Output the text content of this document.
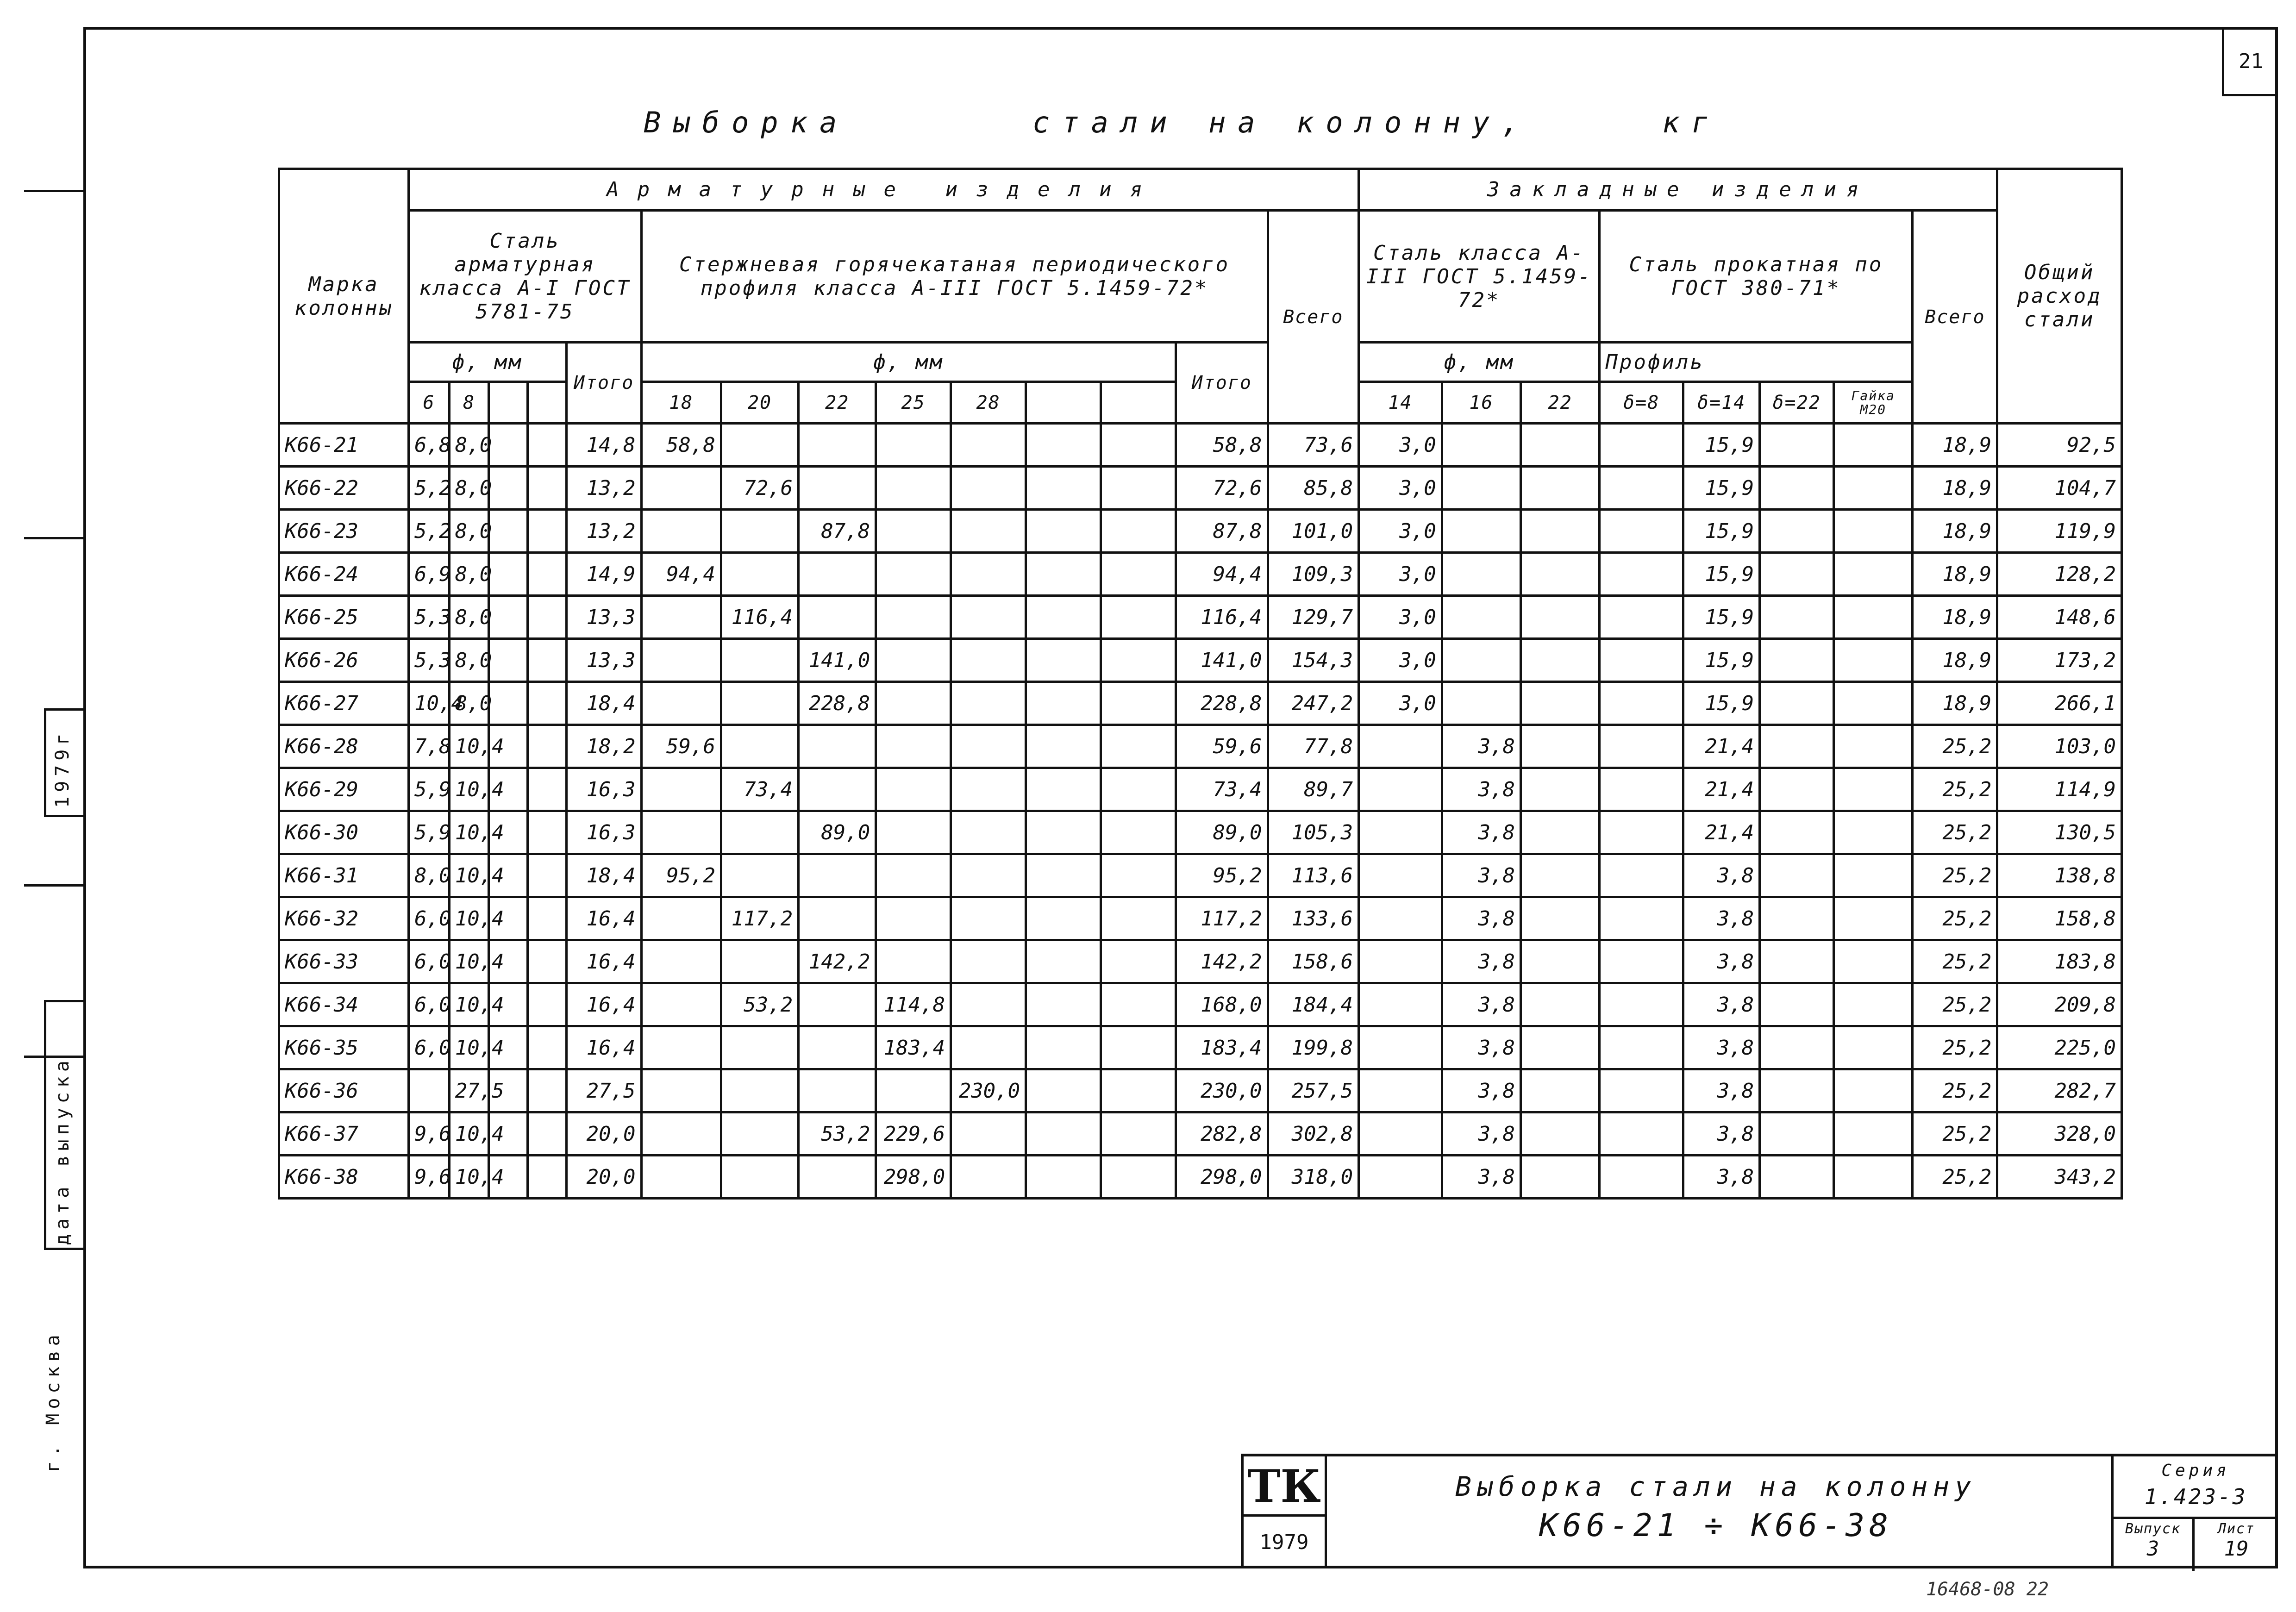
1979г
дата выпуска
г. Москва
21
Выборка	стали на колонну,	кг
Марка колонны	Арматурные изделия														Закладные изделия								Общий расход стали
	Сталь арматурная класса А-I ГОСТ 5781-75					Стержневая горячекатаная периодического профиля класса А-III ГОСТ 5.1459-72*								Всего	Сталь класса А-III ГОСТ 5.1459-72*			Сталь прокатная по ГОСТ 380-71*				Всего	
	ф, мм				Итого	ф, мм							Итого		ф, мм			Профиль					
	6	8				18	20	22	25	28					14	16	22	δ=8	δ=14	δ=22	Гайка М20		
К66-21	6,8	8,0			14,8	58,8							58,8	73,6	3,0				15,9			18,9	92,5
К66-22	5,2	8,0			13,2		72,6						72,6	85,8	3,0				15,9			18,9	104,7
К66-23	5,2	8,0			13,2			87,8					87,8	101,0	3,0				15,9			18,9	119,9
К66-24	6,9	8,0			14,9	94,4							94,4	109,3	3,0				15,9			18,9	128,2
К66-25	5,3	8,0			13,3		116,4						116,4	129,7	3,0				15,9			18,9	148,6
К66-26	5,3	8,0			13,3			141,0					141,0	154,3	3,0				15,9			18,9	173,2
К66-27	10,4	8,0			18,4			228,8					228,8	247,2	3,0				15,9			18,9	266,1
К66-28	7,8	10,4			18,2	59,6							59,6	77,8		3,8			21,4			25,2	103,0
К66-29	5,9	10,4			16,3		73,4						73,4	89,7		3,8			21,4			25,2	114,9
К66-30	5,9	10,4			16,3			89,0					89,0	105,3		3,8			21,4			25,2	130,5
К66-31	8,0	10,4			18,4	95,2							95,2	113,6		3,8			3,8			25,2	138,8
К66-32	6,0	10,4			16,4		117,2						117,2	133,6		3,8			3,8			25,2	158,8
К66-33	6,0	10,4			16,4			142,2					142,2	158,6		3,8			3,8			25,2	183,8
К66-34	6,0	10,4			16,4		53,2		114,8				168,0	184,4		3,8			3,8			25,2	209,8
К66-35	6,0	10,4			16,4				183,4				183,4	199,8		3,8			3,8			25,2	225,0
К66-36		27,5			27,5					230,0			230,0	257,5		3,8			3,8			25,2	282,7
К66-37	9,6	10,4			20,0			53,2	229,6				282,8	302,8		3,8			3,8			25,2	328,0
К66-38	9,6	10,4			20,0				298,0				298,0	318,0		3,8			3,8			25,2	343,2
ТК
1979
Выборка стали на колонну
К66-21 ÷ К66-38
Серия
1.423-3
Выпуск
3
Лист
19
16468-08 22
